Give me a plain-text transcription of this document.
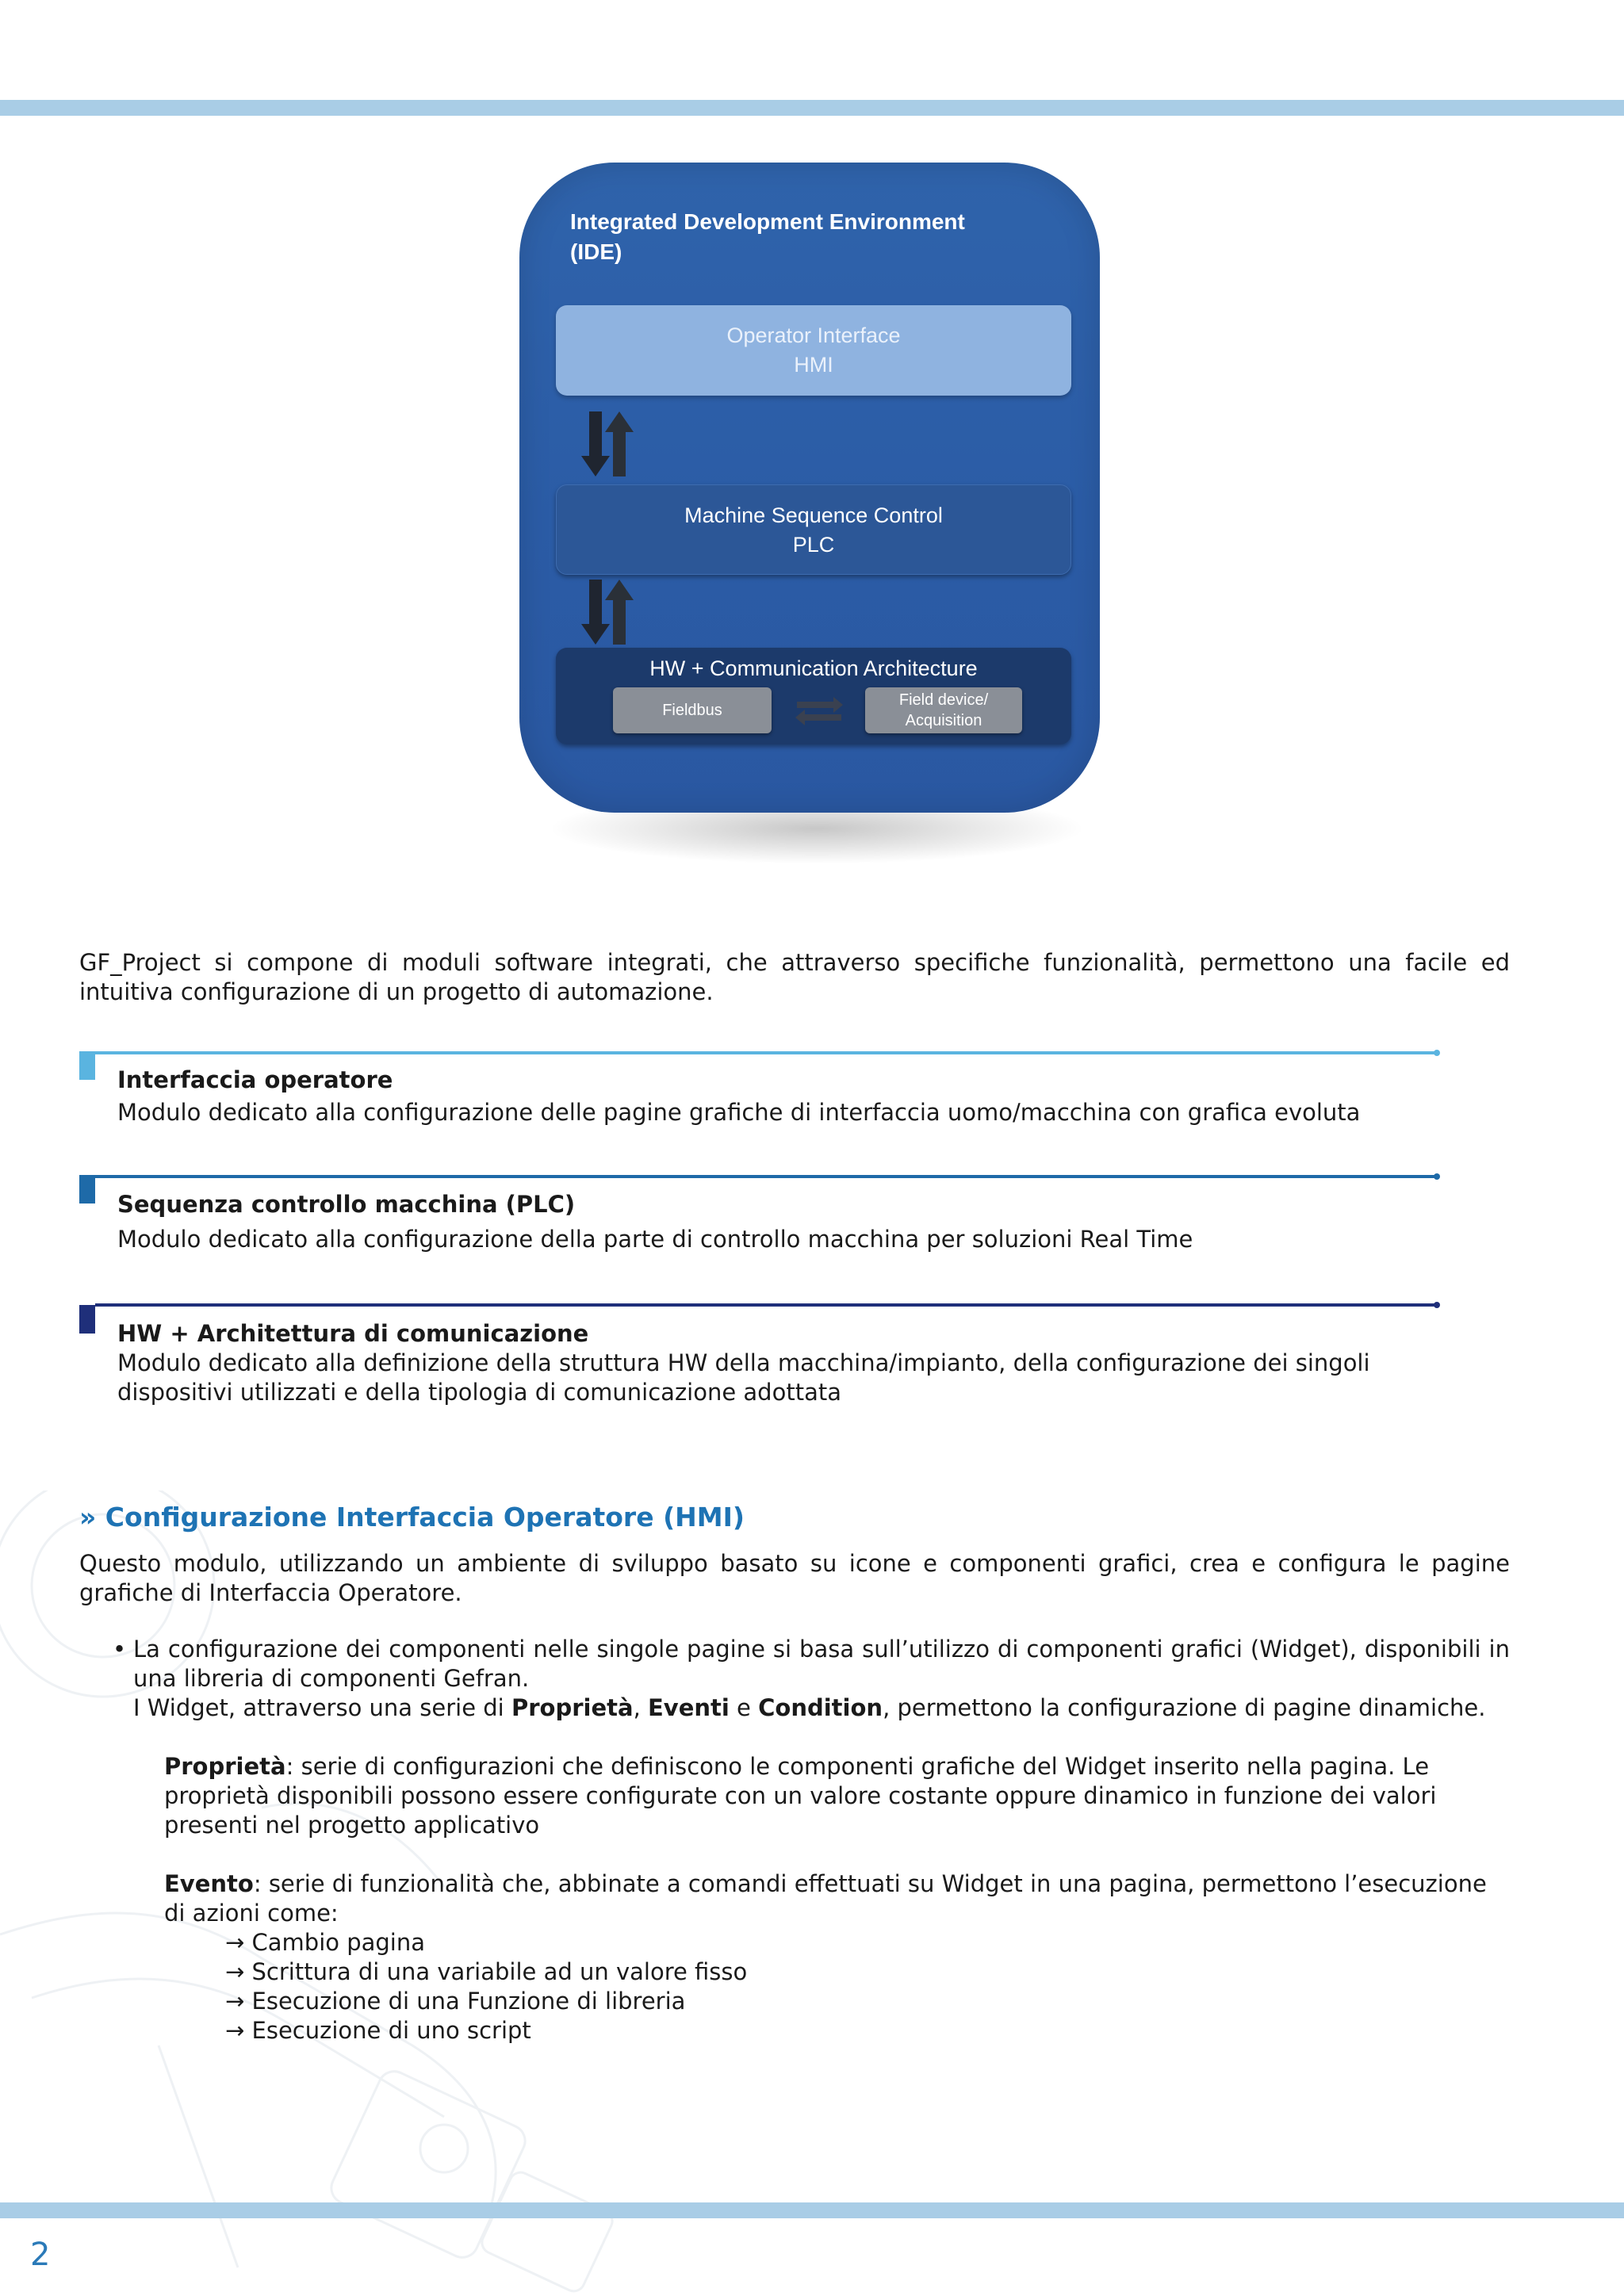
Integrated Development Environment (IDE)
Operator Interface
HMI
Machine Sequence Control
PLC
HW + Communication Architecture
Fieldbus
Field device/
Acquisition

GF_Project si compone di moduli software integrati, che attraverso specifiche funzionalità, permettono una facile ed intuitiva configurazione di un progetto di automazione.

Interfaccia operatore
Modulo dedicato alla configurazione delle pagine grafiche di interfaccia uomo/macchina con grafica evoluta
Sequenza controllo macchina (PLC)
Modulo dedicato alla configurazione della parte di controllo macchina per soluzioni Real Time
HW + Architettura di comunicazione
Modulo dedicato alla definizione della struttura HW della macchina/impianto, della configurazione dei singoli dispositivi utilizzati e della tipologia di comunicazione adottata
» Configurazione Interfaccia Operatore (HMI)

Questo modulo, utilizzando un ambiente di sviluppo basato su icone e componenti grafici, crea e configura le pagine grafiche di Interfaccia Operatore.

• La configurazione dei componenti nelle singole pagine si basa sull’utilizzo di componenti grafici (Widget), disponibili in una libreria di componenti Gefran.

I Widget, attraverso una serie di Proprietà, Eventi e Condition, permettono la configurazione di pagine dinamiche.

Proprietà: serie di configurazioni che definiscono le componenti grafiche del Widget inserito nella pagina. Le proprietà disponibili possono essere configurate con un valore costante oppure dinamico in funzione dei valori presenti nel progetto applicativo

Evento: serie di funzionalità che, abbinate a comandi effettuati su Widget in una pagina, permettono l’esecuzione di azioni come:

→ Cambio pagina
→ Scrittura di una variabile ad un valore fisso
→ Esecuzione di una Funzione di libreria
→ Esecuzione di uno script
2
